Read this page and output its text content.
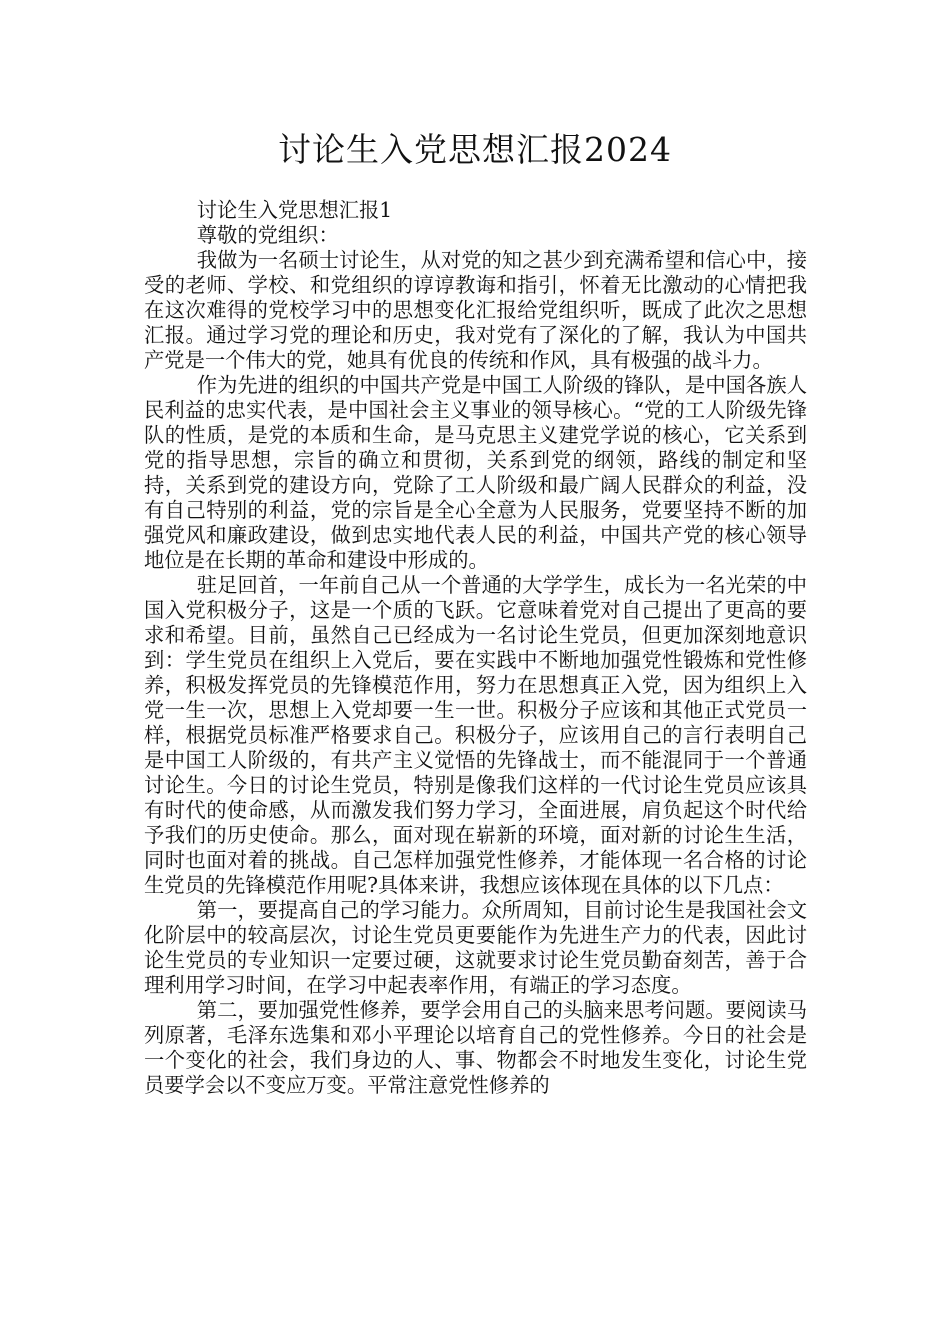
讨论生入党思想汇报2024

讨论生入党思想汇报1

尊敬的党组织：

我做为一名硕士讨论生，从对党的知之甚少到充满希望和信心中，接受的老师、学校、和党组织的谆谆教诲和指引，怀着无比激动的心情把我在这次难得的党校学习中的思想变化汇报给党组织听，既成了此次之思想汇报。通过学习党的理论和历史，我对党有了深化的了解，我认为中国共产党是一个伟大的党，她具有优良的传统和作风，具有极强的战斗力。

作为先进的组织的中国共产党是中国工人阶级的锋队，是中国各族人民利益的忠实代表，是中国社会主义事业的领导核心。“党的工人阶级先锋队的性质，是党的本质和生命，是马克思主义建党学说的核心，它关系到党的指导思想，宗旨的确立和贯彻，关系到党的纲领，路线的制定和坚持，关系到党的建设方向，党除了工人阶级和最广阔人民群众的利益，没有自己特别的利益，党的宗旨是全心全意为人民服务，党要坚持不断的加强党风和廉政建设，做到忠实地代表人民的利益，中国共产党的核心领导地位是在长期的革命和建设中形成的。

驻足回首，一年前自己从一个普通的大学学生，成长为一名光荣的中国入党积极分子，这是一个质的飞跃。它意味着党对自己提出了更高的要求和希望。目前，虽然自己已经成为一名讨论生党员，但更加深刻地意识到：学生党员在组织上入党后，要在实践中不断地加强党性锻炼和党性修养，积极发挥党员的先锋模范作用，努力在思想真正入党，因为组织上入党一生一次，思想上入党却要一生一世。积极分子应该和其他正式党员一样，根据党员标准严格要求自己。积极分子，应该用自己的言行表明自己是中国工人阶级的，有共产主义觉悟的先锋战士，而不能混同于一个普通讨论生。今日的讨论生党员，特别是像我们这样的一代讨论生党员应该具有时代的使命感，从而激发我们努力学习，全面进展，肩负起这个时代给予我们的历史使命。那么，面对现在崭新的环境，面对新的讨论生生活，同时也面对着的挑战。自己怎样加强党性修养，才能体现一名合格的讨论生党员的先锋模范作用呢?具体来讲，我想应该体现在具体的以下几点：

第一，要提高自己的学习能力。众所周知，目前讨论生是我国社会文化阶层中的较高层次，讨论生党员更要能作为先进生产力的代表，因此讨论生党员的专业知识一定要过硬，这就要求讨论生党员勤奋刻苦，善于合理利用学习时间，在学习中起表率作用，有端正的学习态度。

第二，要加强党性修养，要学会用自己的头脑来思考问题。要阅读马列原著，毛泽东选集和邓小平理论以培育自己的党性修养。今日的社会是一个变化的社会，我们身边的人、事、物都会不时地发生变化，讨论生党员要学会以不变应万变。平常注意党性修养的
